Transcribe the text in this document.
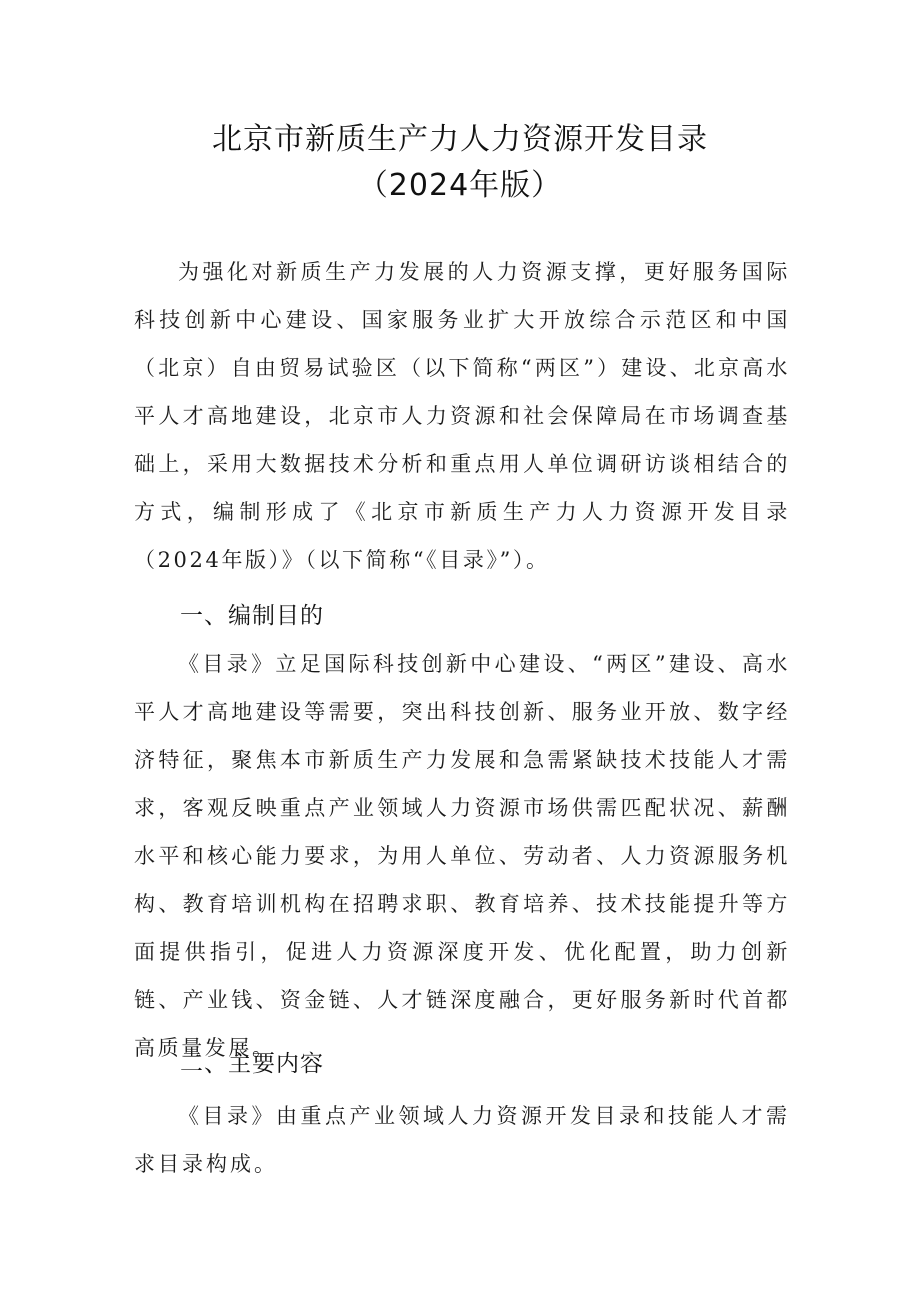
北京市新质生产力人力资源开发目录
（2024年版）

为强化对新质生产力发展的人力资源支撑，更好服务国际科技创新中心建设、国家服务业扩大开放综合示范区和中国（北京）自由贸易试验区（以下简称“两区”）建设、北京高水平人才高地建设，北京市人力资源和社会保障局在市场调查基础上，采用大数据技术分析和重点用人单位调研访谈相结合的方式，编制形成了《北京市新质生产力人力资源开发目录（2024年版）》（以下简称“《目录》”）。

一、编制目的

《目录》立足国际科技创新中心建设、“两区”建设、高水平人才高地建设等需要，突出科技创新、服务业开放、数字经济特征，聚焦本市新质生产力发展和急需紧缺技术技能人才需求，客观反映重点产业领域人力资源市场供需匹配状况、薪酬水平和核心能力要求，为用人单位、劳动者、人力资源服务机构、教育培训机构在招聘求职、教育培养、技术技能提升等方面提供指引，促进人力资源深度开发、优化配置，助力创新链、产业钱、资金链、人才链深度融合，更好服务新时代首都高质量发展。

二、主要内容

《目录》由重点产业领域人力资源开发目录和技能人才需求目录构成。
